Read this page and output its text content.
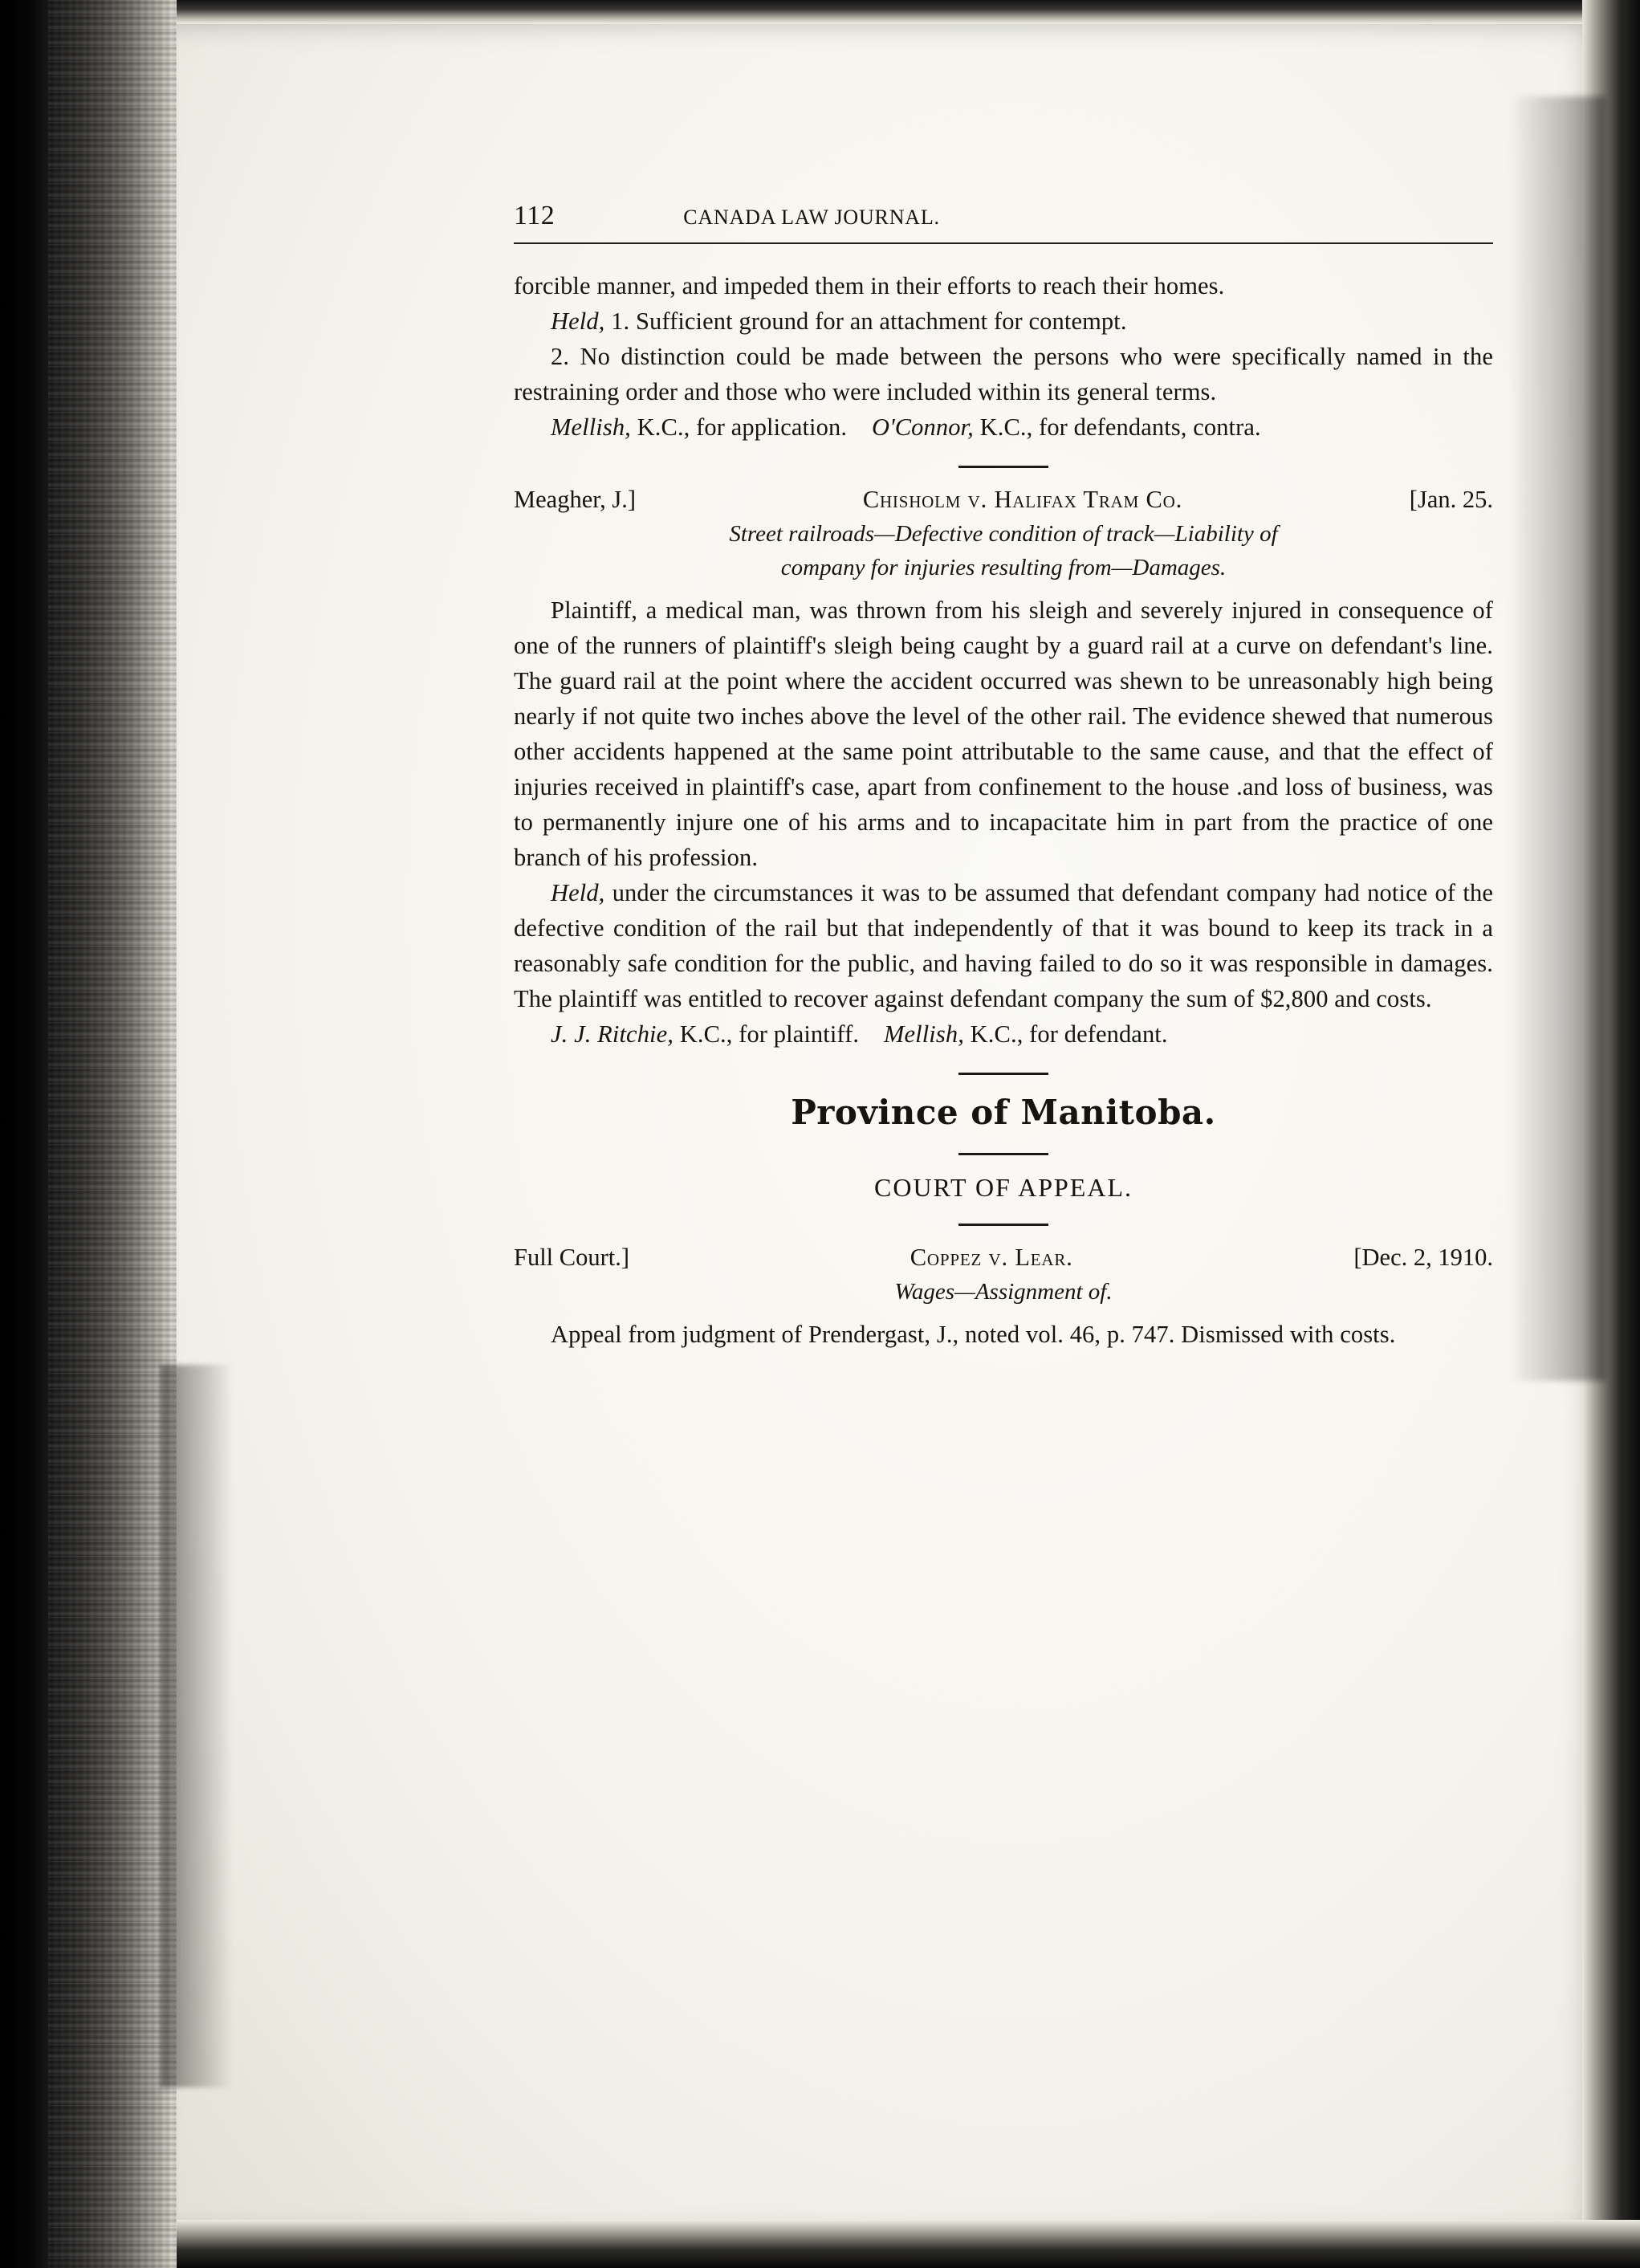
112	CANADA LAW JOURNAL.

forcible manner, and impeded them in their efforts to reach their homes.

Held, 1. Sufficient ground for an attachment for contempt.

2. No distinction could be made between the persons who were specifically named in the restraining order and those who were included within its general terms.

Mellish, K.C., for application. O'Connor, K.C., for defendants, contra.

Meagher, J.]	Chisholm v. Halifax Tram Co.	[Jan. 25.
Street railroads—Defective condition of track—Liability of
company for injuries resulting from—Damages.

Plaintiff, a medical man, was thrown from his sleigh and severely injured in consequence of one of the runners of plaintiff's sleigh being caught by a guard rail at a curve on defendant's line. The guard rail at the point where the accident occurred was shewn to be unreasonably high being nearly if not quite two inches above the level of the other rail. The evidence shewed that numerous other accidents happened at the same point attributable to the same cause, and that the effect of injuries received in plaintiff's case, apart from confinement to the house .and loss of business, was to permanently injure one of his arms and to incapacitate him in part from the practice of one branch of his profession.

Held, under the circumstances it was to be assumed that defendant company had notice of the defective condition of the rail but that independently of that it was bound to keep its track in a reasonably safe condition for the public, and having failed to do so it was responsible in damages. The plaintiff was entitled to recover against defendant company the sum of $2,800 and costs.

J. J. Ritchie, K.C., for plaintiff. Mellish, K.C., for defendant.

Province of Manitoba.
COURT OF APPEAL.
Full Court.]	Coppez v. Lear.	[Dec. 2, 1910.
Wages—Assignment of.

Appeal from judgment of Prendergast, J., noted vol. 46, p. 747. Dismissed with costs.
